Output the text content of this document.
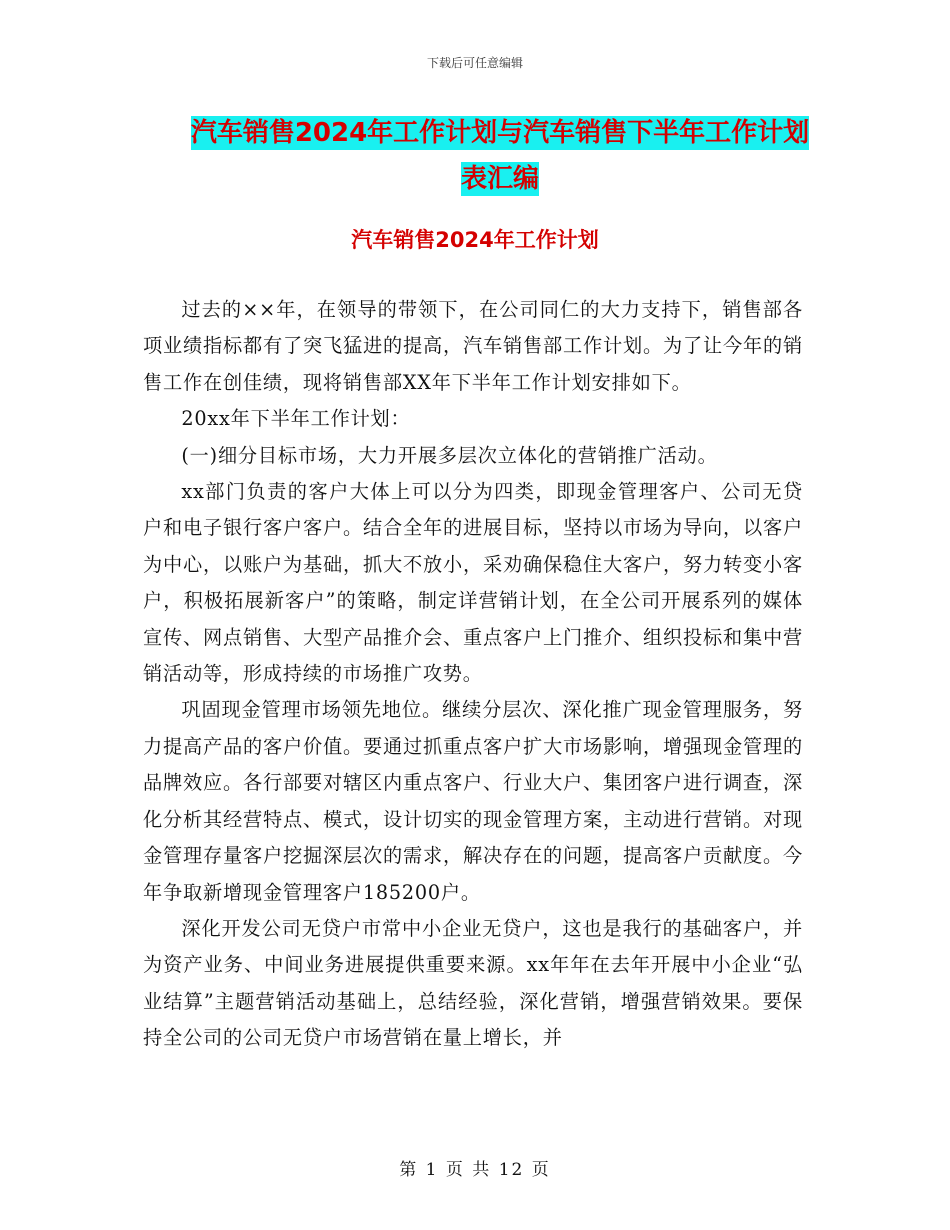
下载后可任意编辑
汽车销售2024年工作计划与汽车销售下半年工作计划
表汇编
汽车销售2024年工作计划

过去的××年，在领导的带领下，在公司同仁的大力支持下，销售部各项业绩指标都有了突飞猛进的提高，汽车销售部工作计划。为了让今年的销售工作在创佳绩，现将销售部XX年下半年工作计划安排如下。

20xx年下半年工作计划：

(一)细分目标市场，大力开展多层次立体化的营销推广活动。

xx部门负责的客户大体上可以分为四类，即现金管理客户、公司无贷户和电子银行客户客户。结合全年的进展目标，坚持以市场为导向，以客户为中心，以账户为基础，抓大不放小，采劝确保稳住大客户，努力转变小客户，积极拓展新客户”的策略，制定详营销计划，在全公司开展系列的媒体宣传、网点销售、大型产品推介会、重点客户上门推介、组织投标和集中营销活动等，形成持续的市场推广攻势。

巩固现金管理市场领先地位。继续分层次、深化推广现金管理服务，努力提高产品的客户价值。要通过抓重点客户扩大市场影响，增强现金管理的品牌效应。各行部要对辖区内重点客户、行业大户、集团客户进行调查，深化分析其经营特点、模式，设计切实的现金管理方案，主动进行营销。对现金管理存量客户挖掘深层次的需求，解决存在的问题，提高客户贡献度。今年争取新增现金管理客户185200户。

深化开发公司无贷户市常中小企业无贷户，这也是我行的基础客户，并为资产业务、中间业务进展提供重要来源。xx年年在去年开展中小企业“弘业结算”主题营销活动基础上，总结经验，深化营销，增强营销效果。要保持全公司的公司无贷户市场营销在量上增长，并

第 1 页 共 12 页
